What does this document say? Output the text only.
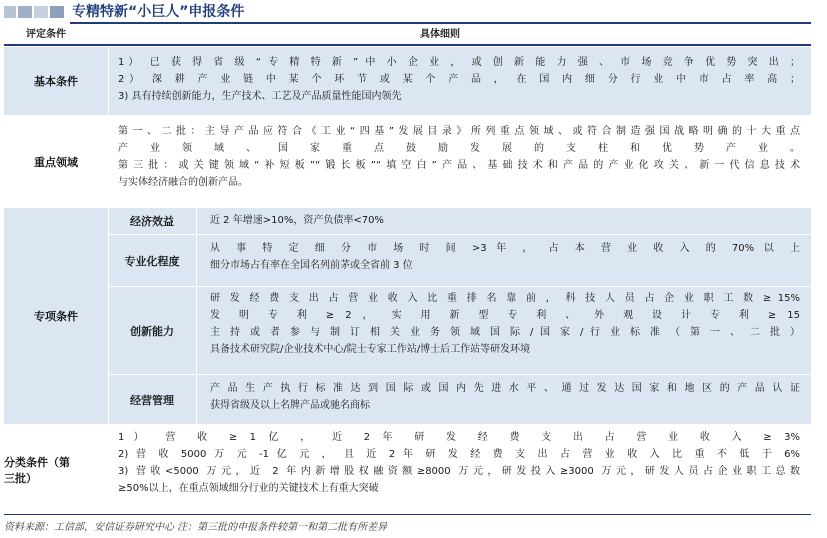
专精特新“小巨人”申报条件
评定条件	具体细则
基本条件
1） 已 获 得 省 级 “ 专 精 特 新 ” 中 小 企 业 ， 或 创 新 能 力 强 、 市 场 竞 争 优 势 突 出 ；
2） 深 耕 产 业 链 中 某 个 环 节 或 某 个 产 品 ， 在 国 内 细 分 行 业 中 市 占 率 高 ；
3) 具有持续创新能力，生产技术、工艺及产品质量性能国内领先
重点领域
第一、二批：主导产品应符合《工业“四基”发展目录》所列重点领域、或符合制造强国战略明确的十大重点
产 业 领 域 、 国 家 重 点 鼓 励 发 展 的 支 柱 和 优 势 产 业 。
第三批：或关键领域“补短板”“锻长板”“填空白”产品、基础技术和产品的产业化攻关、新一代信息技术
与实体经济融合的创新产品。
专项条件
经济效益	近 2 年增速>10%，资产负债率<70%
专业化程度
从 事 特 定 细 分 市 场 时 间 >3 年 ， 占 本 营 业 收 入 的 70% 以 上
细分市场占有率在全国名列前茅或全省前 3 位
创新能力
研 发 经 费 支 出 占 营 业 收 入 比 重 排 名 靠 前 ， 科 技 人 员 占 企 业 职 工 数 ≥ 15%
发 明 专 利 ≥ 2 ， 实 用 新 型 专 利 、 外 观 设 计 专 利 ≥ 15
主 持 或 者 参 与 制 订 相 关 业 务 领 域 国 际 / 国 家 / 行 业 标 准 （ 第 一 、 二 批 ）
具备技术研究院/企业技术中心/院士专家工作站/博士后工作站等研发环境
经营管理
产 品 生 产 执 行 标 准 达 到 国 际 或 国 内 先 进 水 平 、 通 过 发 达 国 家 和 地 区 的 产 品 认 证
获得省级及以上名牌产品或驰名商标
分类条件（第
三批）
1） 营 收 ≥ 1 亿 ， 近 2 年 研 发 经 费 支 出 占 营 业 收 入 ≥ 3%
2) 营 收 5000 万 元 -1 亿 元 ， 且 近 2 年 研 发 经 费 支 出 占 营 业 收 入 比 重 不 低 于 6%
3) 营收<5000 万元，近 2 年内新增股权融资额≥8000 万元，研发投入≥3000 万元，研发人员占企业职工总数
≥50%以上，在重点领域细分行业的关键技术上有重大突破
资料来源：工信部，安信证券研究中心 注：第三批的申报条件较第一和第二批有所差异
